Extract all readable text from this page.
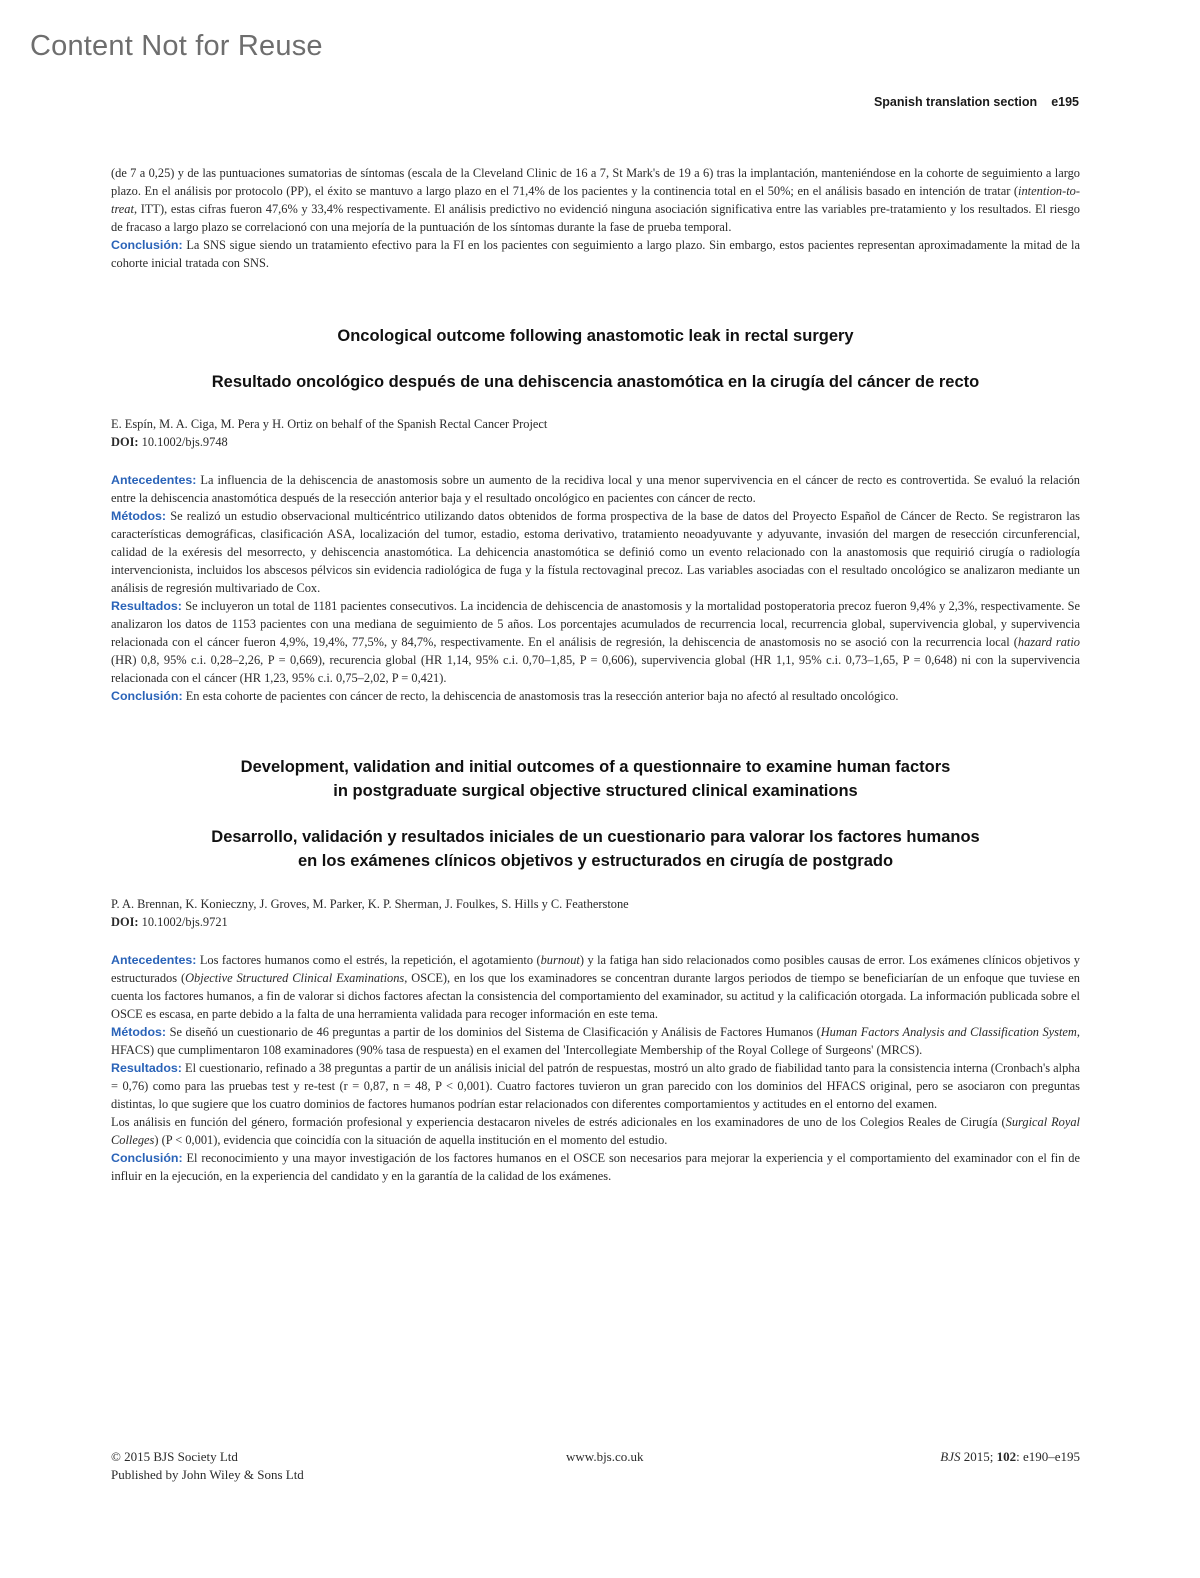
Content Not for Reuse
Spanish translation section e195

(de 7 a 0,25) y de las puntuaciones sumatorias de síntomas (escala de la Cleveland Clinic de 16 a 7, St Mark's de 19 a 6) tras la implantación, manteniéndose en la cohorte de seguimiento a largo plazo. En el análisis por protocolo (PP), el éxito se mantuvo a largo plazo en el 71,4% de los pacientes y la continencia total en el 50%; en el análisis basado en intención de tratar (intention-to-treat, ITT), estas cifras fueron 47,6% y 33,4% respectivamente. El análisis predictivo no evidenció ninguna asociación significativa entre las variables pre-tratamiento y los resultados. El riesgo de fracaso a largo plazo se correlacionó con una mejoría de la puntuación de los síntomas durante la fase de prueba temporal.

Conclusión: La SNS sigue siendo un tratamiento efectivo para la FI en los pacientes con seguimiento a largo plazo. Sin embargo, estos pacientes representan aproximadamente la mitad de la cohorte inicial tratada con SNS.

Oncological outcome following anastomotic leak in rectal surgery
Resultado oncológico después de una dehiscencia anastomótica en la cirugía del cáncer de recto

E. Espín, M. A. Ciga, M. Pera y H. Ortiz on behalf of the Spanish Rectal Cancer Project

DOI: 10.1002/bjs.9748

Antecedentes: La influencia de la dehiscencia de anastomosis sobre un aumento de la recidiva local y una menor supervivencia en el cáncer de recto es controvertida. Se evaluó la relación entre la dehiscencia anastomótica después de la resección anterior baja y el resultado oncológico en pacientes con cáncer de recto.

Métodos: Se realizó un estudio observacional multicéntrico utilizando datos obtenidos de forma prospectiva de la base de datos del Proyecto Español de Cáncer de Recto. Se registraron las características demográficas, clasificación ASA, localización del tumor, estadio, estoma derivativo, tratamiento neoadyuvante y adyuvante, invasión del margen de resección circunferencial, calidad de la exéresis del mesorrecto, y dehiscencia anastomótica. La dehicencia anastomótica se definió como un evento relacionado con la anastomosis que requirió cirugía o radiología intervencionista, incluidos los abscesos pélvicos sin evidencia radiológica de fuga y la fístula rectovaginal precoz. Las variables asociadas con el resultado oncológico se analizaron mediante un análisis de regresión multivariado de Cox.

Resultados: Se incluyeron un total de 1181 pacientes consecutivos. La incidencia de dehiscencia de anastomosis y la mortalidad postoperatoria precoz fueron 9,4% y 2,3%, respectivamente. Se analizaron los datos de 1153 pacientes con una mediana de seguimiento de 5 años. Los porcentajes acumulados de recurrencia local, recurrencia global, supervivencia global, y supervivencia relacionada con el cáncer fueron 4,9%, 19,4%, 77,5%, y 84,7%, respectivamente. En el análisis de regresión, la dehiscencia de anastomosis no se asoció con la recurrencia local (hazard ratio (HR) 0,8, 95% c.i. 0,28–2,26, P = 0,669), recurencia global (HR 1,14, 95% c.i. 0,70–1,85, P = 0,606), supervivencia global (HR 1,1, 95% c.i. 0,73–1,65, P = 0,648) ni con la supervivencia relacionada con el cáncer (HR 1,23, 95% c.i. 0,75–2,02, P = 0,421).

Conclusión: En esta cohorte de pacientes con cáncer de recto, la dehiscencia de anastomosis tras la resección anterior baja no afectó al resultado oncológico.

Development, validation and initial outcomes of a questionnaire to examine human factors
in postgraduate surgical objective structured clinical examinations
Desarrollo, validación y resultados iniciales de un cuestionario para valorar los factores humanos
en los exámenes clínicos objetivos y estructurados en cirugía de postgrado

P. A. Brennan, K. Konieczny, J. Groves, M. Parker, K. P. Sherman, J. Foulkes, S. Hills y C. Featherstone

DOI: 10.1002/bjs.9721

Antecedentes: Los factores humanos como el estrés, la repetición, el agotamiento (burnout) y la fatiga han sido relacionados como posibles causas de error. Los exámenes clínicos objetivos y estructurados (Objective Structured Clinical Examinations, OSCE), en los que los examinadores se concentran durante largos periodos de tiempo se beneficiarían de un enfoque que tuviese en cuenta los factores humanos, a fin de valorar si dichos factores afectan la consistencia del comportamiento del examinador, su actitud y la calificación otorgada. La información publicada sobre el OSCE es escasa, en parte debido a la falta de una herramienta validada para recoger información en este tema.

Métodos: Se diseñó un cuestionario de 46 preguntas a partir de los dominios del Sistema de Clasificación y Análisis de Factores Humanos (Human Factors Analysis and Classification System, HFACS) que cumplimentaron 108 examinadores (90% tasa de respuesta) en el examen del 'Intercollegiate Membership of the Royal College of Surgeons' (MRCS).

Resultados: El cuestionario, refinado a 38 preguntas a partir de un análisis inicial del patrón de respuestas, mostró un alto grado de fiabilidad tanto para la consistencia interna (Cronbach's alpha = 0,76) como para las pruebas test y re-test (r = 0,87, n = 48, P < 0,001). Cuatro factores tuvieron un gran parecido con los dominios del HFACS original, pero se asociaron con preguntas distintas, lo que sugiere que los cuatro dominios de factores humanos podrían estar relacionados con diferentes comportamientos y actitudes en el entorno del examen.

Los análisis en función del género, formación profesional y experiencia destacaron niveles de estrés adicionales en los examinadores de uno de los Colegios Reales de Cirugía (Surgical Royal Colleges) (P < 0,001), evidencia que coincidía con la situación de aquella institución en el momento del estudio.

Conclusión: El reconocimiento y una mayor investigación de los factores humanos en el OSCE son necesarios para mejorar la experiencia y el comportamiento del examinador con el fin de influir en la ejecución, en la experiencia del candidato y en la garantía de la calidad de los exámenes.

© 2015 BJS Society Ltd
Published by John Wiley & Sons Ltd
www.bjs.co.uk	BJS 2015; 102: e190–e195
